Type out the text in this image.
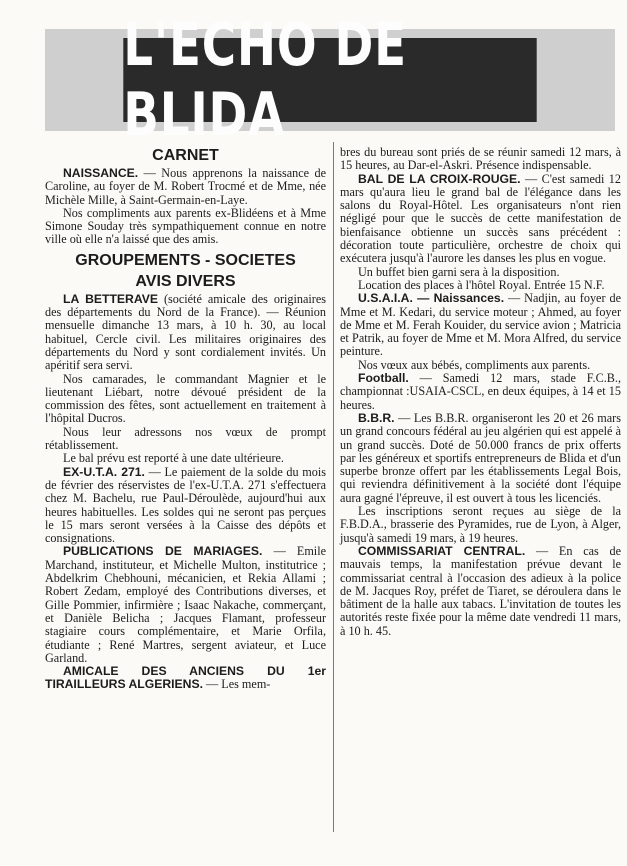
L'ECHO DE BLIDA
CARNET

NAISSANCE. — Nous apprenons la naissance de Caroline, au foyer de M. Robert Trocmé et de Mme, née Michèle Mille, à Saint-Germain-en-Laye.

Nos compliments aux parents ex-Blidéens et à Mme Simone Souday très sympathiquement connue en notre ville où elle n'a laissé que des amis.

GROUPEMENTS - SOCIETES
AVIS DIVERS

LA BETTERAVE (société amicale des originaires des départements du Nord de la France). — Réunion mensuelle dimanche 13 mars, à 10 h. 30, au local habituel, Cercle civil. Les militaires originaires des départements du Nord y sont cordialement invités. Un apéritif sera servi.

Nos camarades, le commandant Magnier et le lieutenant Liébart, notre dévoué président de la commission des fêtes, sont actuellement en traitement à l'hôpital Ducros.

Nous leur adressons nos vœux de prompt rétablissement.

Le bal prévu est reporté à une date ultérieure.

EX-U.T.A. 271. — Le paiement de la solde du mois de février des réservistes de l'ex-U.T.A. 271 s'effectuera chez M. Bachelu, rue Paul-Déroulède, aujourd'hui aux heures habituelles. Les soldes qui ne seront pas perçues le 15 mars seront versées à la Caisse des dépôts et consignations.

PUBLICATIONS DE MARIAGES. — Emile Marchand, instituteur, et Michelle Multon, institutrice ; Abdelkrim Chebhouni, mécanicien, et Rekia Allami ; Robert Zedam, employé des Contributions diverses, et Gille Pommier, infirmière ; Isaac Nakache, commerçant, et Danièle Belicha ; Jacques Flamant, professeur stagiaire cours complémentaire, et Marie Orfila, étudiante ; René Martres, sergent aviateur, et Luce Garland.

AMICALE DES ANCIENS DU 1er TIRAILLEURS ALGERIENS. — Les mem-

bres du bureau sont priés de se réunir samedi 12 mars, à 15 heures, au Dar-el-Askri. Présence indispensable.

BAL DE LA CROIX-ROUGE. — C'est samedi 12 mars qu'aura lieu le grand bal de l'élégance dans les salons du Royal-Hôtel. Les organisateurs n'ont rien négligé pour que le succès de cette manifestation de bienfaisance obtienne un succès sans précédent : décoration toute particulière, orchestre de choix qui exécutera jusqu'à l'aurore les danses les plus en vogue.

Un buffet bien garni sera à la disposition.

Location des places à l'hôtel Royal. Entrée 15 N.F.

U.S.A.I.A. — Naissances. — Nadjin, au foyer de Mme et M. Kedari, du service moteur ; Ahmed, au foyer de Mme et M. Ferah Kouider, du service avion ; Matricia et Patrik, au foyer de Mme et M. Mora Alfred, du service peinture.

Nos vœux aux bébés, compliments aux parents.

Football. — Samedi 12 mars, stade F.C.B., championnat :USAIA-CSCL, en deux équipes, à 14 et 15 heures.

B.B.R. — Les B.B.R. organiseront les 20 et 26 mars un grand concours fédéral au jeu algérien qui est appelé à un grand succès. Doté de 50.000 francs de prix offerts par les généreux et sportifs entrepreneurs de Blida et d'un superbe bronze offert par les établissements Legal Bois, qui reviendra définitivement à la société dont l'équipe aura gagné l'épreuve, il est ouvert à tous les licenciés.

Les inscriptions seront reçues au siège de la F.B.D.A., brasserie des Pyramides, rue de Lyon, à Alger, jusqu'à samedi 19 mars, à 19 heures.

COMMISSARIAT CENTRAL. — En cas de mauvais temps, la manifestation prévue devant le commissariat central à l'occasion des adieux à la police de M. Jacques Roy, préfet de Tiaret, se déroulera dans le bâtiment de la halle aux tabacs. L'invitation de toutes les autorités reste fixée pour la même date vendredi 11 mars, à 10 h. 45.
